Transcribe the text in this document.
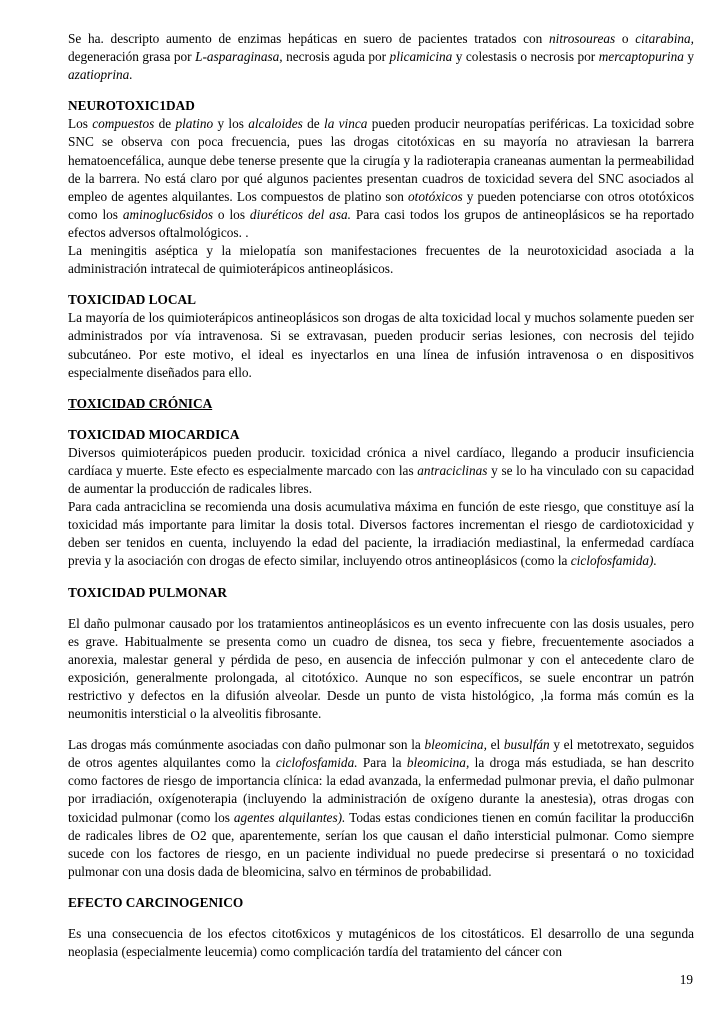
Se ha. descripto aumento de enzimas hepáticas en suero de pacientes tratados con nitrosoureas o citarabina, degeneración grasa por L-asparaginasa, necrosis aguda por plicamicina y colestasis o necrosis por mercaptopurina y azatioprina.

NEUROTOXIC1DAD

Los compuestos de platino y los alcaloides de la vinca pueden producir neuropatías periféricas. La toxicidad sobre SNC se observa con poca frecuencia, pues las drogas citotóxicas en su mayoría no atraviesan la barrera hematoencefálica, aunque debe tenerse presente que la cirugía y la radioterapia craneanas aumentan la permeabilidad de la barrera. No está claro por qué algunos pacientes presentan cuadros de toxicidad severa del SNC asociados al empleo de agentes alquilantes. Los compuestos de platino son ototóxicos y pueden potenciarse con otros ototóxicos como los aminogluc6sidos o los diuréticos del asa. Para casi todos los grupos de antineoplásicos se ha reportado efectos adversos oftalmológicos. .

La meningitis aséptica y la mielopatía son manifestaciones frecuentes de la neurotoxicidad asociada a la administración intratecal de quimioterápicos antineoplásicos.

TOXICIDAD LOCAL

La mayoría de los quimioterápicos antineoplásicos son drogas de alta toxicidad local y muchos solamente pueden ser administrados por vía intravenosa. Si se extravasan, pueden producir serias lesiones, con necrosis del tejido subcutáneo. Por este motivo, el ideal es inyectarlos en una línea de infusión intravenosa o en dispositivos especialmente diseñados para ello.

TOXICIDAD CRÓNICA
TOXICIDAD MIOCARDICA

Diversos quimioterápicos pueden producir. toxicidad crónica a nivel cardíaco, llegando a producir insuficiencia cardíaca y muerte. Este efecto es especialmente marcado con las antraciclinas y se lo ha vinculado con su capacidad de aumentar la producción de radicales libres.

Para cada antraciclina se recomienda una dosis acumulativa máxima en función de este riesgo, que constituye así la toxicidad más importante para limitar la dosis total. Diversos factores incrementan el riesgo de cardiotoxicidad y deben ser tenidos en cuenta, incluyendo la edad del paciente, la irradiación mediastinal, la enfermedad cardíaca previa y la asociación con drogas de efecto similar, incluyendo otros antineoplásicos (como la ciclofosfamida).

TOXICIDAD PULMONAR

El daño pulmonar causado por los tratamientos antineoplásicos es un evento infrecuente con las dosis usuales, pero es grave. Habitualmente se presenta como un cuadro de disnea, tos seca y fiebre, frecuentemente asociados a anorexia, malestar general y pérdida de peso, en ausencia de infección pulmonar y con el antecedente claro de exposición, generalmente prolongada, al citotóxico. Aunque no son específicos, se suele encontrar un patrón restrictivo y defectos en la difusión alveolar. Desde un punto de vista histológico, ,la forma más común es la neumonitis intersticial o la alveolitis fibrosante.

Las drogas más comúnmente asociadas con daño pulmonar son la bleomicina, el busulfán y el metotrexato, seguidos de otros agentes alquilantes como la ciclofosfamida. Para la bleomicina, la droga más estudiada, se han descrito como factores de riesgo de importancia clínica: la edad avanzada, la enfermedad pulmonar previa, el daño pulmonar por irradiación, oxígenoterapia (incluyendo la administración de oxígeno durante la anestesia), otras drogas con toxicidad pulmonar (como los agentes alquilantes). Todas estas condiciones tienen en común facilitar la producci6n de radicales libres de O2 que, aparentemente, serían los que causan el daño intersticial pulmonar. Como siempre sucede con los factores de riesgo, en un paciente individual no puede predecirse si presentará o no toxicidad pulmonar con una dosis dada de bleomicina, salvo en términos de probabilidad.

EFECTO CARCINOGENICO

Es una consecuencia de los efectos citot6xicos y mutagénicos de los citostáticos. El desarrollo de una segunda neoplasia (especialmente leucemia) como complicación tardía del tratamiento del cáncer con

19
